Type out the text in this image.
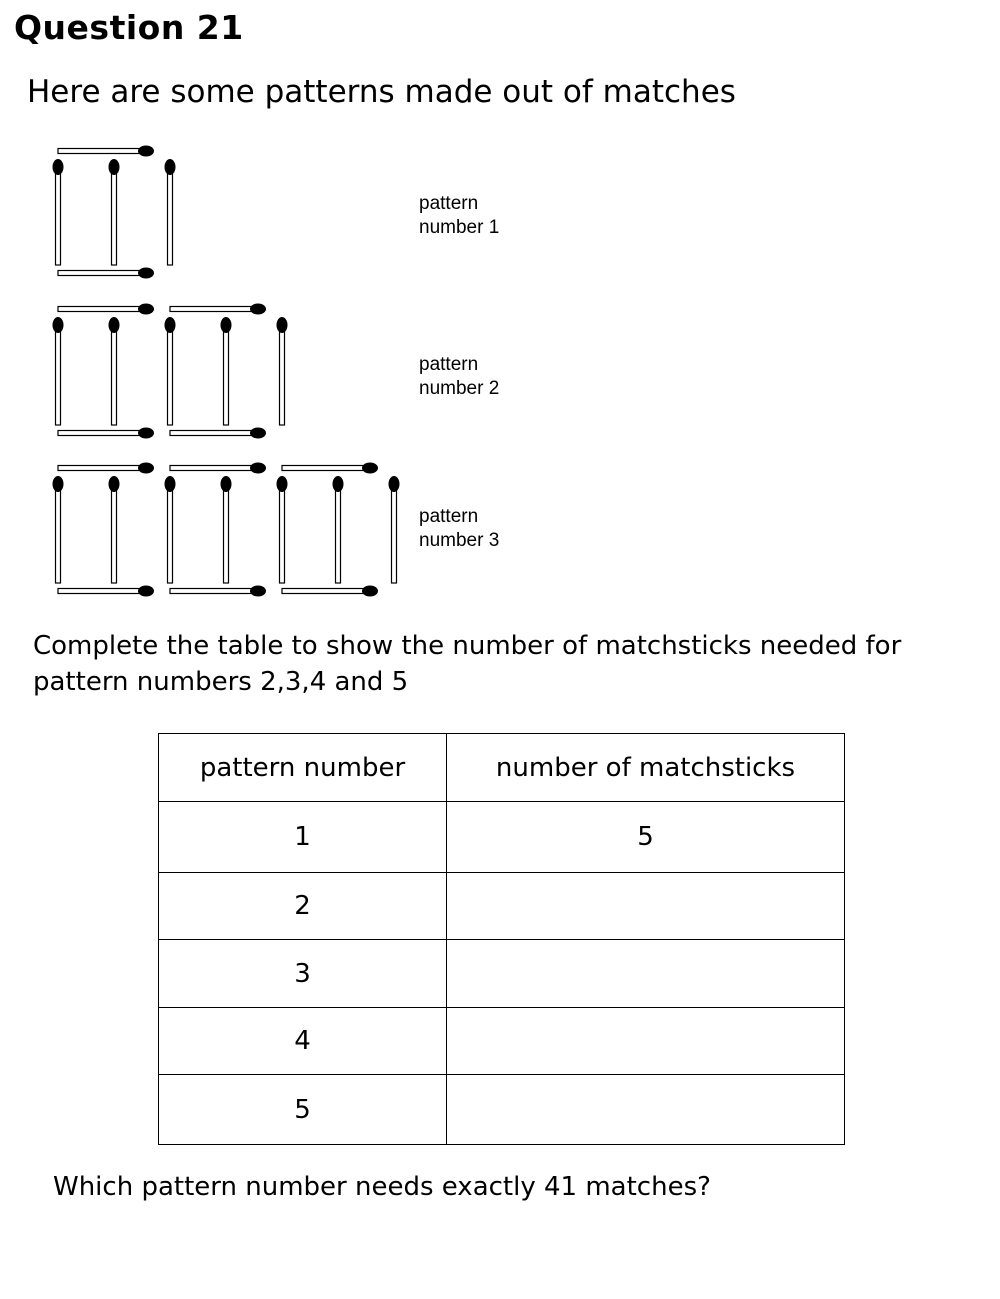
Question 21
Here are some patterns made out of matches
pattern
number 1
pattern
number 2
pattern
number 3
Complete the table to show the number of matchsticks needed for pattern numbers 2,3,4 and 5
pattern number	number of matchsticks
1	5
2	
3	
4	
5	
Which pattern number needs exactly 41 matches?
